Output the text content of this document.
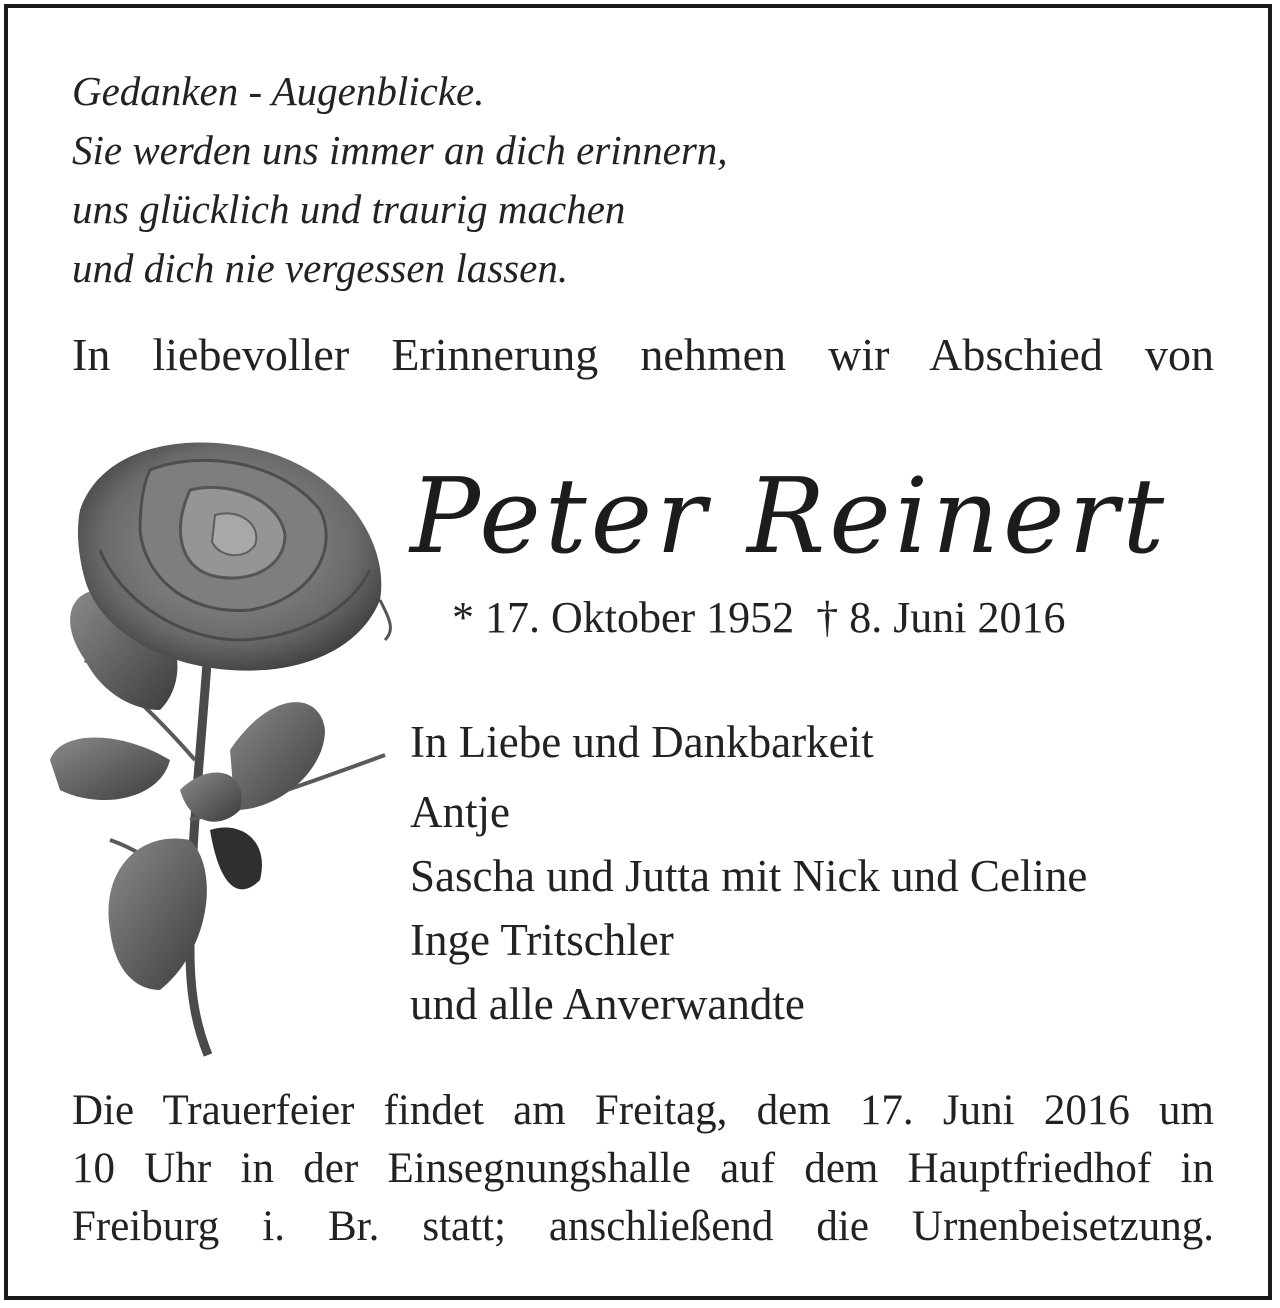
Gedanken - Augenblicke.
Sie werden uns immer an dich erinnern,
uns glücklich und traurig machen
und dich nie vergessen lassen.
In liebevoller Erinnerung nehmen wir Abschied von
Peter Reinert
* 17. Oktober 1952 † 8. Juni 2016
In Liebe und Dankbarkeit
Antje
Sascha und Jutta mit Nick und Celine
Inge Tritschler
und alle Anverwandte
Die Trauerfeier findet am Freitag, dem 17. Juni 2016 um
10 Uhr in der Einsegnungshalle auf dem Hauptfriedhof in
Freiburg i. Br. statt; anschließend die Urnenbeisetzung.
